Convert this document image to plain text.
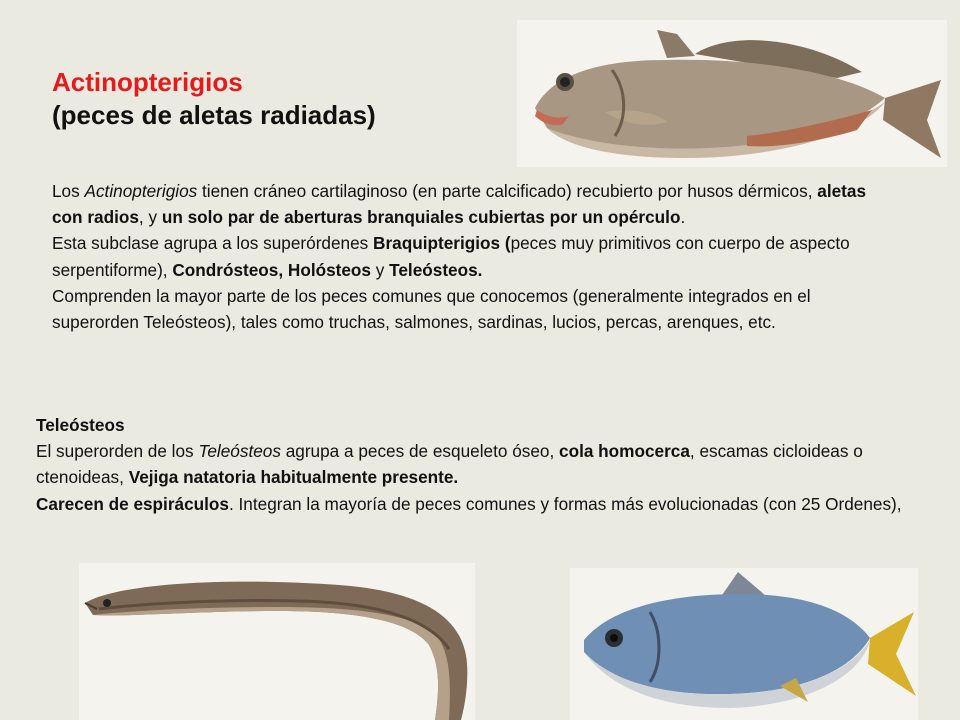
Actinopterigios
(peces de aletas radiadas)

Los Actinopterigios tienen cráneo cartilaginoso (en parte calcificado) recubierto por husos dérmicos, aletas con radios, y un solo par de aberturas branquiales cubiertas por un opérculo.
Esta subclase agrupa a los superórdenes Braquipterigios (peces muy primitivos con cuerpo de aspecto serpentiforme), Condrósteos, Holósteos y Teleósteos.
Comprenden la mayor parte de los peces comunes que conocemos (generalmente integrados en el superorden Teleósteos), tales como truchas, salmones, sardinas, lucios, percas, arenques, etc.

Teleósteos
El superorden de los Teleósteos agrupa a peces de esqueleto óseo, cola homocerca, escamas cicloideas o ctenoideas, Vejiga natatoria habitualmente presente.
Carecen de espiráculos. Integran la mayoría de peces comunes y formas más evolucionadas (con 25 Ordenes),
